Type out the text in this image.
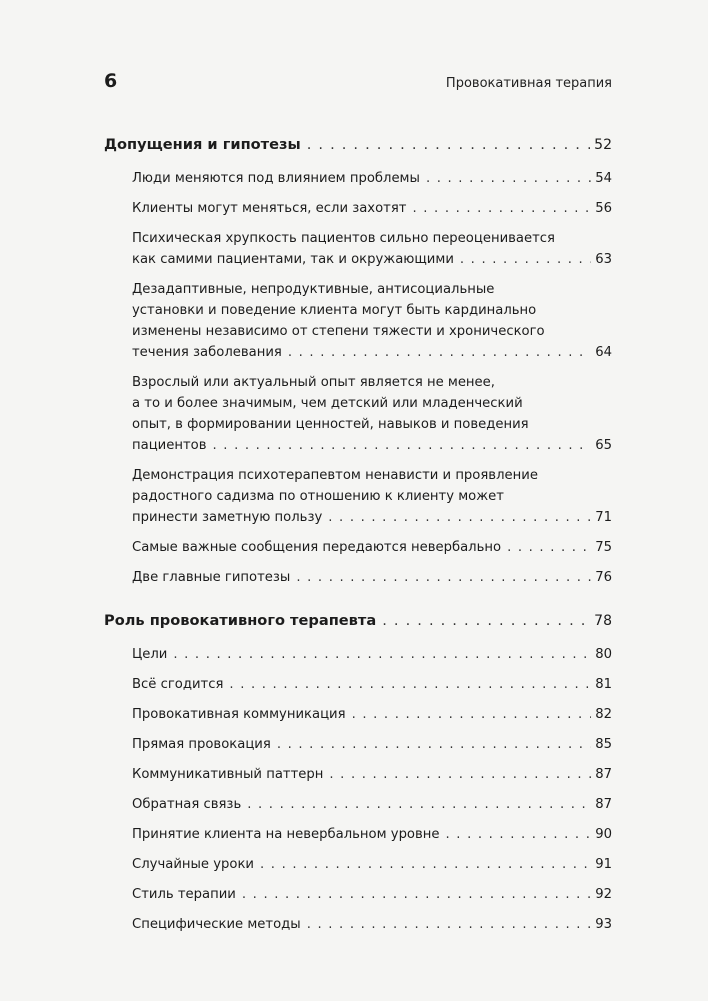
6	Провокативная терапия
Допущения и гипотезы . . .	52
Люди меняются под влиянием проблемы . . .	54
Клиенты могут меняться, если захотят . . .	56
Психическая хрупкость пациентов сильно переоценивается
как самими пациентами, так и окружающими . . .	63
Дезадаптивные, непродуктивные, антисоциальные
установки и поведение клиента могут быть кардинально
изменены независимо от степени тяжести и хронического
течения заболевания . . .	64
Взрослый или актуальный опыт является не менее,
а то и более значимым, чем детский или младенческий
опыт, в формировании ценностей, навыков и поведения
пациентов . . .	65
Демонстрация психотерапевтом ненависти и проявление
радостного садизма по отношению к клиенту может
принести заметную пользу . . .	71
Самые важные сообщения передаются невербально . . .	75
Две главные гипотезы . . .	76
Роль провокативного терапевта . . .	78
Цели . . .	80
Всё сгодится . . .	81
Провокативная коммуникация . . .	82
Прямая провокация . . .	85
Коммуникативный паттерн . . .	87
Обратная связь . . .	87
Принятие клиента на невербальном уровне . . .	90
Случайные уроки . . .	91
Стиль терапии . . .	92
Специфические методы . . .	93
